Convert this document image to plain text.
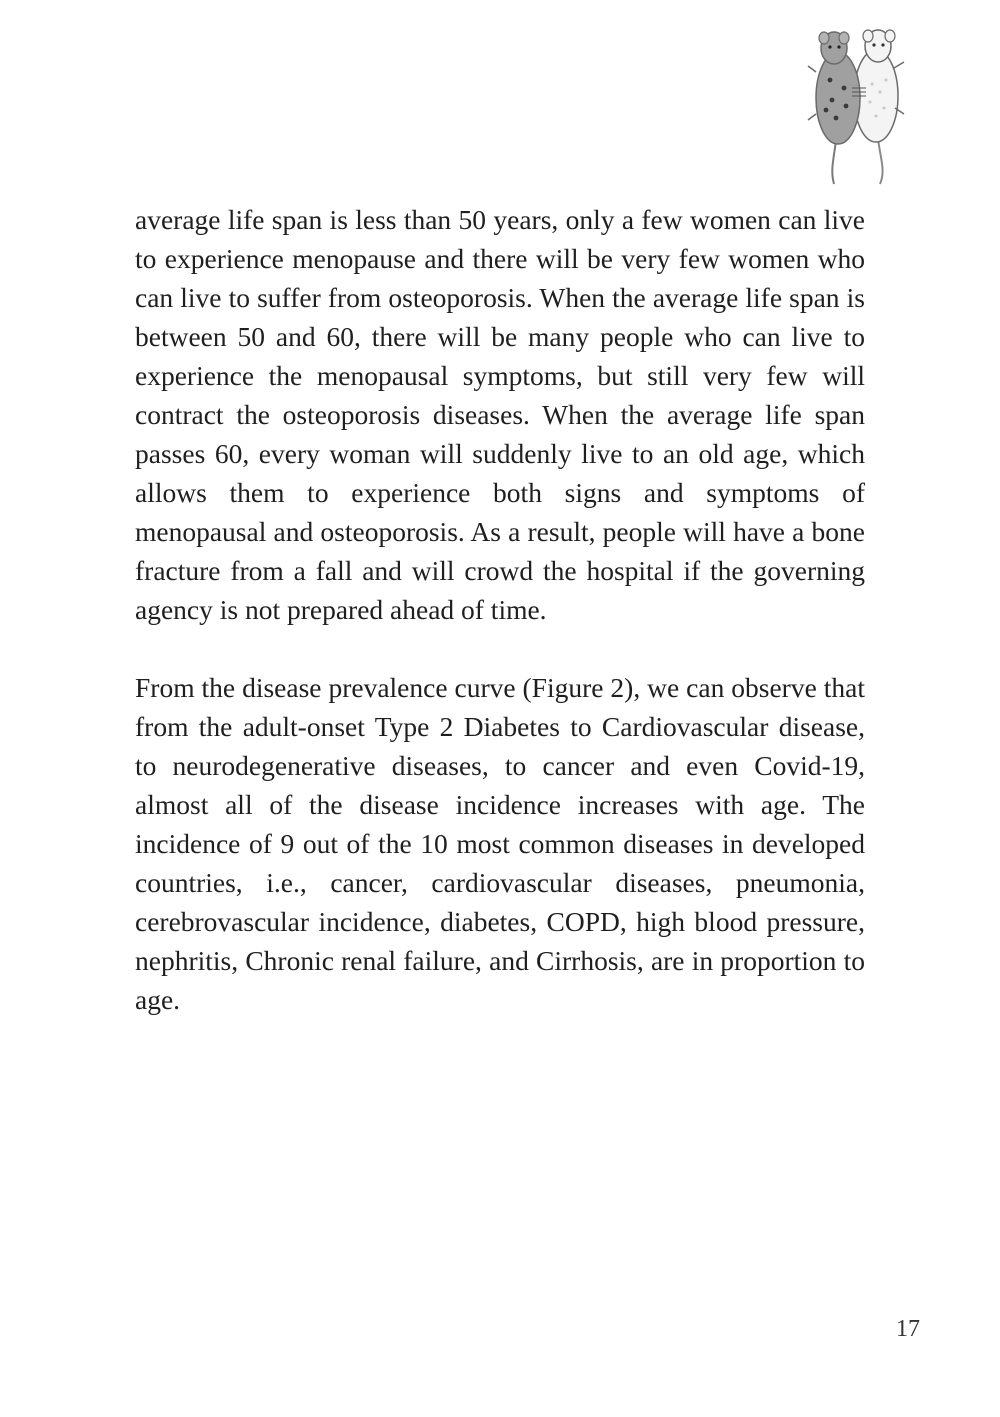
average life span is less than 50 years, only a few women can live to experience menopause and there will be very few women who can live to suffer from osteoporosis. When the average life span is between 50 and 60, there will be many people who can live to experience the menopausal symptoms, but still very few will contract the osteoporosis diseases. When the average life span passes 60, every woman will suddenly live to an old age, which allows them to experience both signs and symptoms of menopausal and osteoporosis. As a result, people will have a bone fracture from a fall and will crowd the hospital if the governing agency is not prepared ahead of time.

From the disease prevalence curve (Figure 2), we can observe that from the adult-onset Type 2 Diabetes to Cardiovascular disease, to neurodegenerative diseases, to cancer and even Covid-19, almost all of the disease incidence increases with age. The incidence of 9 out of the 10 most common diseases in developed countries, i.e., cancer, cardiovascular diseases, pneumonia, cerebrovascular incidence, diabetes, COPD, high blood pressure, nephritis, Chronic renal failure, and Cirrhosis, are in proportion to age.

17
